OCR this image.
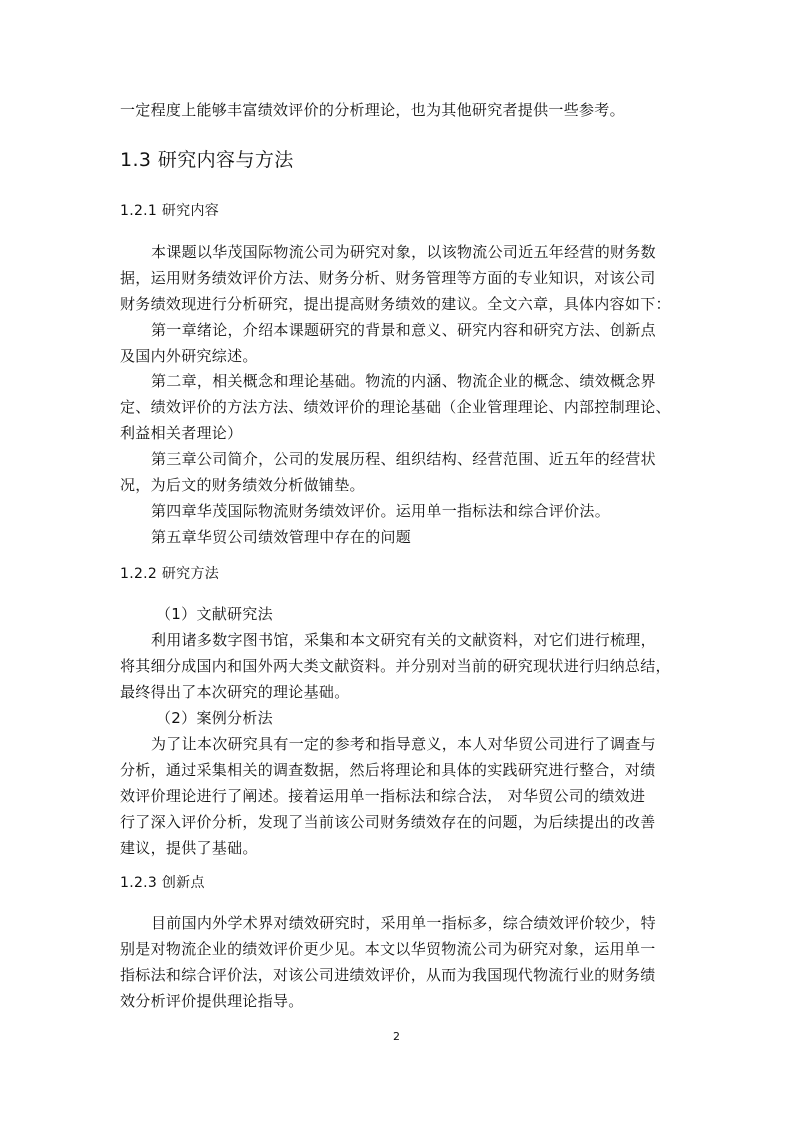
一定程度上能够丰富绩效评价的分析理论，也为其他研究者提供一些参考。
1.3 研究内容与方法
1.2.1 研究内容
本课题以华茂国际物流公司为研究对象，以该物流公司近五年经营的财务数
据，运用财务绩效评价方法、财务分析、财务管理等方面的专业知识，对该公司
财务绩效现进行分析研究，提出提高财务绩效的建议。全文六章，具体内容如下：
第一章绪论，介绍本课题研究的背景和意义、研究内容和研究方法、创新点
及国内外研究综述。
第二章，相关概念和理论基础。物流的内涵、物流企业的概念、绩效概念界
定、绩效评价的方法方法、绩效评价的理论基础（企业管理理论、内部控制理论、
利益相关者理论）
第三章公司简介，公司的发展历程、组织结构、经营范围、近五年的经营状
况，为后文的财务绩效分析做铺垫。
第四章华茂国际物流财务绩效评价。运用单一指标法和综合评价法。
第五章华贸公司绩效管理中存在的问题
1.2.2 研究方法
（1）文献研究法
利用诸多数字图书馆，采集和本文研究有关的文献资料，对它们进行梳理，
将其细分成国内和国外两大类文献资料。并分别对当前的研究现状进行归纳总结，
最终得出了本次研究的理论基础。
（2）案例分析法
为了让本次研究具有一定的参考和指导意义，本人对华贸公司进行了调查与
分析，通过采集相关的调查数据，然后将理论和具体的实践研究进行整合，对绩
效评价理论进行了阐述。接着运用单一指标法和综合法， 对华贸公司的绩效进
行了深入评价分析，发现了当前该公司财务绩效存在的问题，为后续提出的改善
建议，提供了基础。
1.2.3 创新点
目前国内外学术界对绩效研究时，采用单一指标多，综合绩效评价较少，特
别是对物流企业的绩效评价更少见。本文以华贸物流公司为研究对象，运用单一
指标法和综合评价法，对该公司进绩效评价，从而为我国现代物流行业的财务绩
效分析评价提供理论指导。
2
